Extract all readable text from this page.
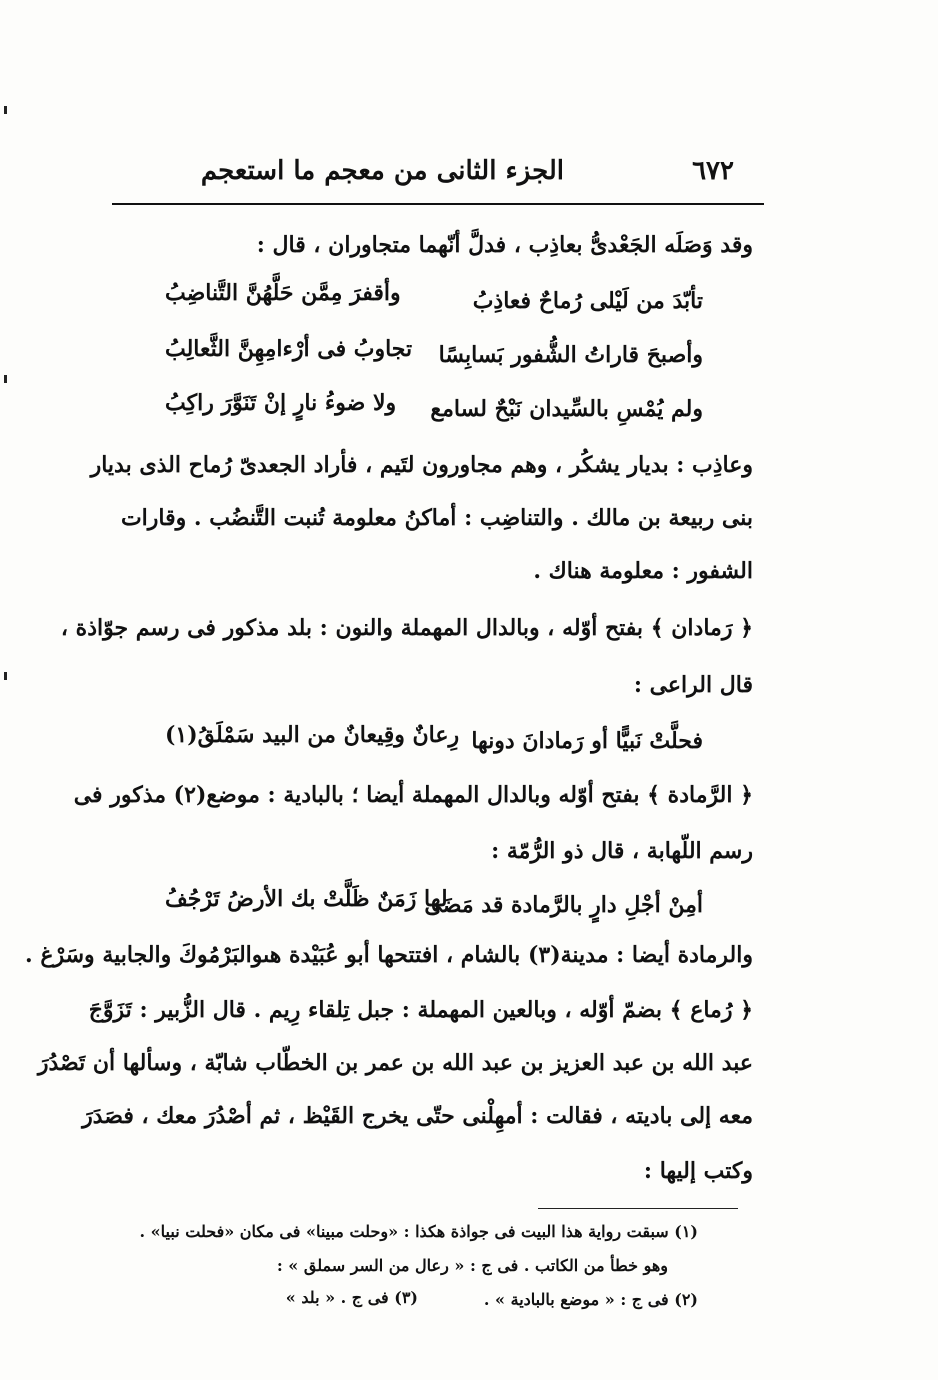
٦٧٢
الجزء الثانى من معجم ما استعجم
وقد وَصَلَه الجَعْدىُّ بعاذِب ، فدلَّ أنّهما متجاوران ، قال :
تأبّدَ من لَيْلى رُماحٌ فعاذِبُ
وأقفرَ مِمَّن حَلَّهُنَّ التَّناضِبُ
وأصبحَ قاراتُ الشُّفور بَسابِسًا
تجاوبُ فى أرْءامِهِنَّ الثَّعالِبُ
ولم يُمْسِ بالسِّيدان نَبْحٌ لسامع
ولا ضوءُ نارٍ إنْ تَنَوَّرَ راكِبُ
وعاذِب : بديار يشكُر ، وهم مجاورون لتَيم ، فأراد الجعدىّ رُماح الذى بديار
بنى ربيعة بن مالك . والتناضِب : أماكنُ معلومة تُنبت التَّنضُب . وقارات
الشفور : معلومة هناك .
﴿ رَمادان ﴾ بفتح أوّله ، وبالدال المهملة والنون : بلد مذكور فى رسم جوّاذة ،
قال الراعى :
فحلَّتْ نَبيًّا أو رَمادانَ دونها
رِعانٌ وقِيعانٌ من البيد سَمْلَقُ(١)
﴿ الرَّمادة ﴾ بفتح أوّله وبالدال المهملة أيضا ؛ بالبادية : موضع(٢) مذكور فى
رسم اللّهابة ، قال ذو الرُّمّة :
أمِنْ أجْلِ دارٍ بالرَّمادة قد مَضَى
لها زَمَنٌ ظَلَّتْ بك الأرضُ تَرْجُفُ
والرمادة أيضا : مدينة(٣) بالشام ، افتتحها أبو عُبَيْدة هىوالبَرْمُوكَ والجابية وسَرْغ .
﴿ رُماع ﴾ بضمّ أوّله ، وبالعين المهملة : جبل تِلقاء رِيم . قال الزُّبير : تَزَوَّجَ
عبد الله بن عبد العزيز بن عبد الله بن عمر بن الخطّاب شابّة ، وسألها أن تَصْدُرَ
معه إلى باديته ، فقالت : أمهِلْنى حتّى يخرج القَيْظ ، ثم أصْدُرَ معك ، فصَدَرَ
وكتب إليها :
(١) سبقت رواية هذا البيت فى جواذة هكذا : «وحلت مبينا» فى مكان «فحلت نبيا» .
وهو خطأ من الكاتب . فى ج : « رعال من السر سملق » :
(٢) فى ج : « موضع بالبادية » .
(٣) فى ج . « بلد »
